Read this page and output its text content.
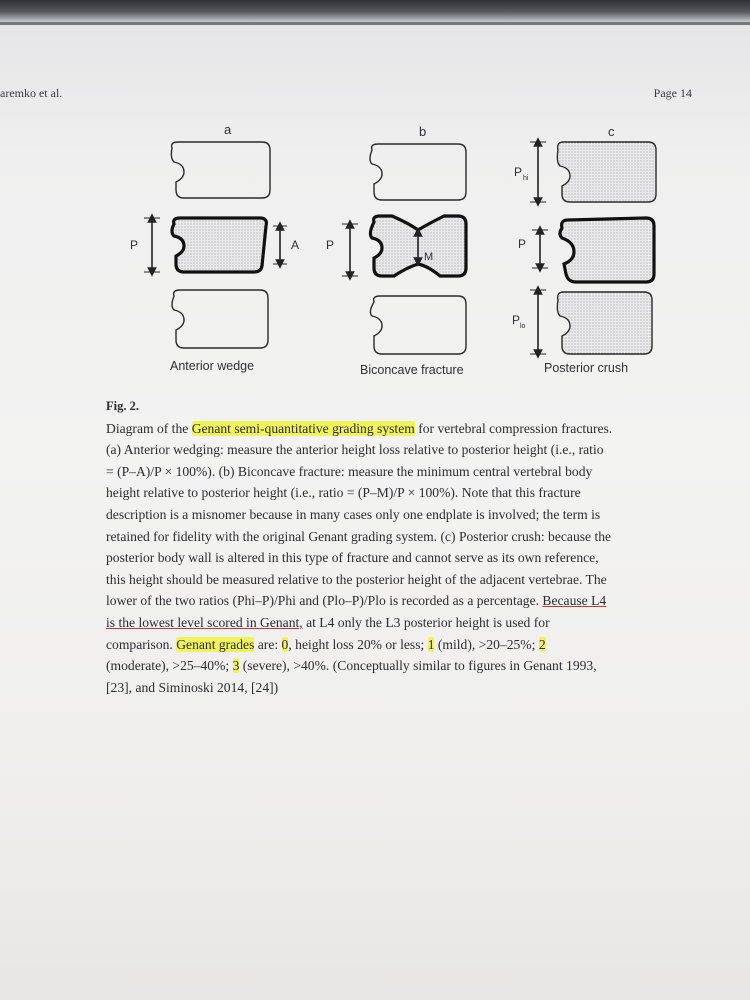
aremko et al.	Page 14
a	b	c
P	A P
M
P hi
P
P lo
Anterior wedge	Biconcave fracture	Posterior crush
Fig. 2.
Diagram of the Genant semi-quantitative grading system for vertebral compression fractures.
(a) Anterior wedging: measure the anterior height loss relative to posterior height (i.e., ratio
= (P–A)/P × 100%). (b) Biconcave fracture: measure the minimum central vertebral body
height relative to posterior height (i.e., ratio = (P–M)/P × 100%). Note that this fracture
description is a misnomer because in many cases only one endplate is involved; the term is
retained for fidelity with the original Genant grading system. (c) Posterior crush: because the
posterior body wall is altered in this type of fracture and cannot serve as its own reference,
this height should be measured relative to the posterior height of the adjacent vertebrae. The
lower of the two ratios (Phi–P)/Phi and (Plo–P)/Plo is recorded as a percentage. Because L4
is the lowest level scored in Genant, at L4 only the L3 posterior height is used for
comparison. Genant grades are: 0, height loss 20% or less; 1 (mild), >20–25%; 2
(moderate), >25–40%; 3 (severe), >40%. (Conceptually similar to figures in Genant 1993,
[23], and Siminoski 2014, [24])
